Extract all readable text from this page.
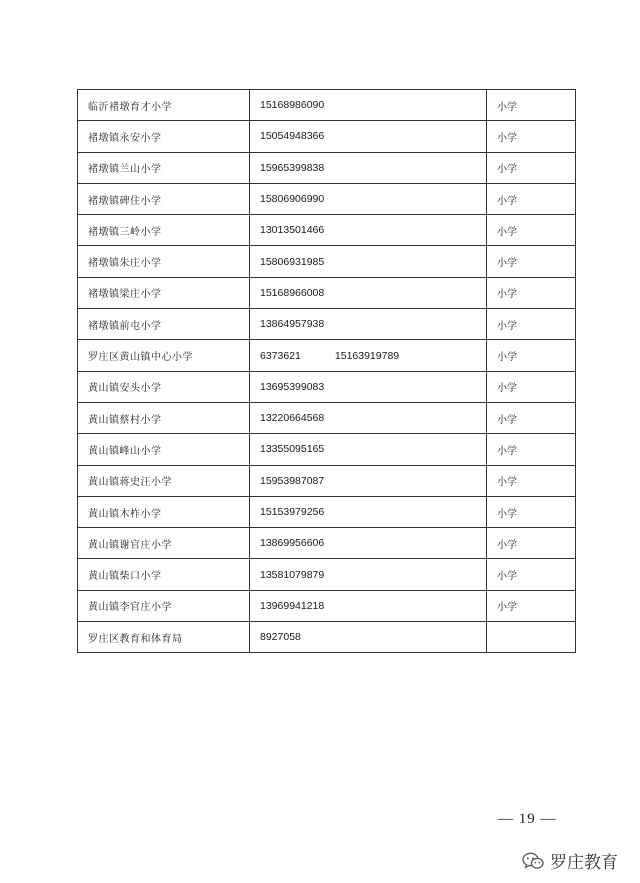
临沂褚墩育才小学	15168986090	小学
褚墩镇永安小学	15054948366	小学
褚墩镇兰山小学	15965399838	小学
褚墩镇碑住小学	15806906990	小学
褚墩镇三岭小学	13013501466	小学
褚墩镇朱庄小学	15806931985	小学
褚墩镇梁庄小学	15168966008	小学
褚墩镇前屯小学	13864957938	小学
罗庄区黄山镇中心小学	6373621 15163919789	小学
黄山镇安头小学	13695399083	小学
黄山镇蔡村小学	13220664568	小学
黄山镇峰山小学	13355095165	小学
黄山镇蒋史汪小学	15953987087	小学
黄山镇木柞小学	15153979256	小学
黄山镇谢官庄小学	13869956606	小学
黄山镇柴口小学	13581079879	小学
黄山镇李官庄小学	13969941218	小学
罗庄区教育和体育局	8927058	
— 19 —
罗庄教育
